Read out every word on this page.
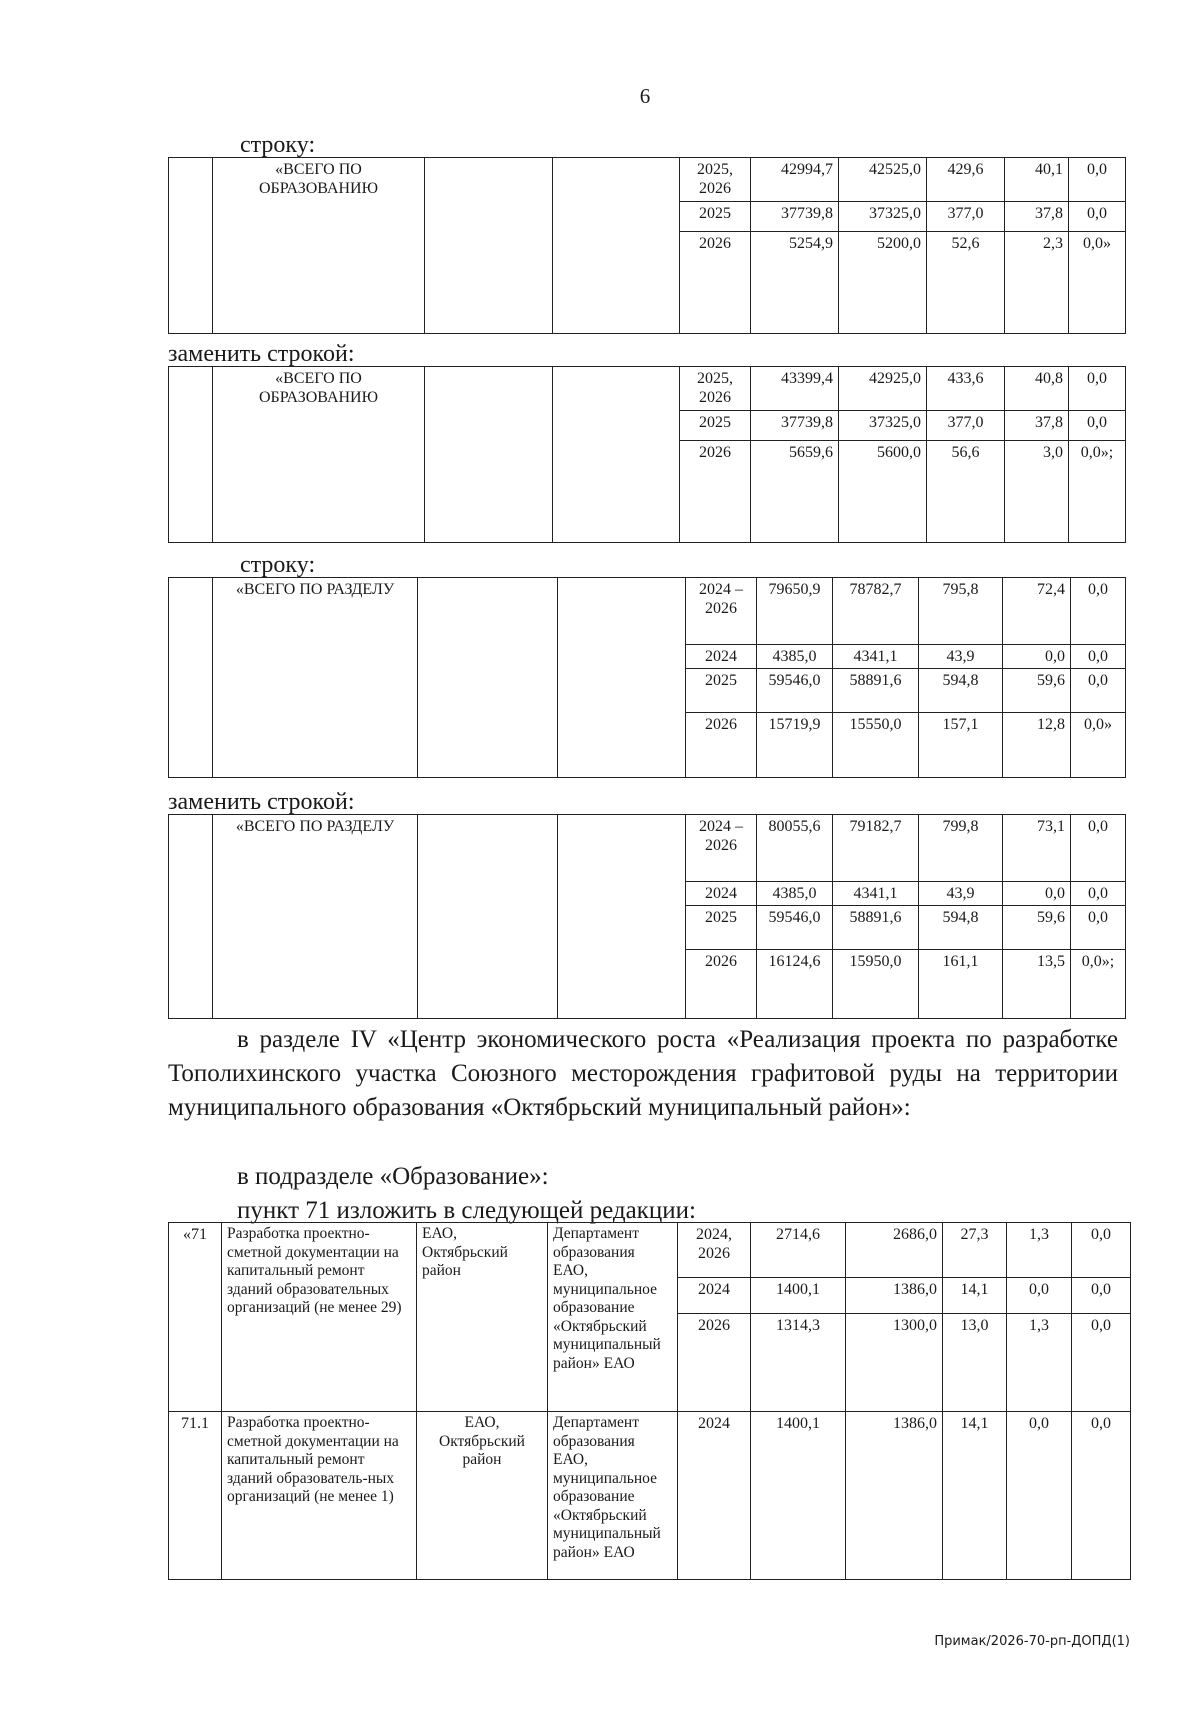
6
строку:
	«ВСЕГО ПО ОБРАЗОВАНИЮ			2025, 2026	42994,7	42525,0	429,6	40,1	0,0
				2025	37739,8	37325,0	377,0	37,8	0,0
				2026	5254,9	5200,0	52,6	2,3	0,0»
заменить строкой:
	«ВСЕГО ПО ОБРАЗОВАНИЮ			2025, 2026	43399,4	42925,0	433,6	40,8	0,0
				2025	37739,8	37325,0	377,0	37,8	0,0
				2026	5659,6	5600,0	56,6	3,0	0,0»;
строку:
	«ВСЕГО ПО РАЗДЕЛУ			2024 – 2026	79650,9	78782,7	795,8	72,4	0,0
				2024	4385,0	4341,1	43,9	0,0	0,0
				2025	59546,0	58891,6	594,8	59,6	0,0
				2026	15719,9	15550,0	157,1	12,8	0,0»
заменить строкой:
	«ВСЕГО ПО РАЗДЕЛУ			2024 – 2026	80055,6	79182,7	799,8	73,1	0,0
				2024	4385,0	4341,1	43,9	0,0	0,0
				2025	59546,0	58891,6	594,8	59,6	0,0
				2026	16124,6	15950,0	161,1	13,5	0,0»;
в разделе IV «Центр экономического роста «Реализация проекта по разработке Тополихинского участка Союзного месторождения графитовой руды на территории муниципального образования «Октябрьский муниципальный район»:
в подразделе «Образование»:
пункт 71 изложить в следующей редакции:
«71	Разработка проектно-сметной документации на капитальный ремонт зданий образовательных организаций (не менее 29)	ЕАО, Октябрьский район	Департамент образования ЕАО, муниципальное образование «Октябрьский муниципальный район» ЕАО	2024, 2026	2714,6	2686,0	27,3	1,3	0,0
				2024	1400,1	1386,0	14,1	0,0	0,0
				2026	1314,3	1300,0	13,0	1,3	0,0
71.1	Разработка проектно-сметной документации на капитальный ремонт зданий образователь-ных организаций (не менее 1)	ЕАО, Октябрьский район	Департамент образования ЕАО, муниципальное образование «Октябрьский муниципальный район» ЕАО	2024	1400,1	1386,0	14,1	0,0	0,0
Примак/2026-70-рп-ДОПД(1)
